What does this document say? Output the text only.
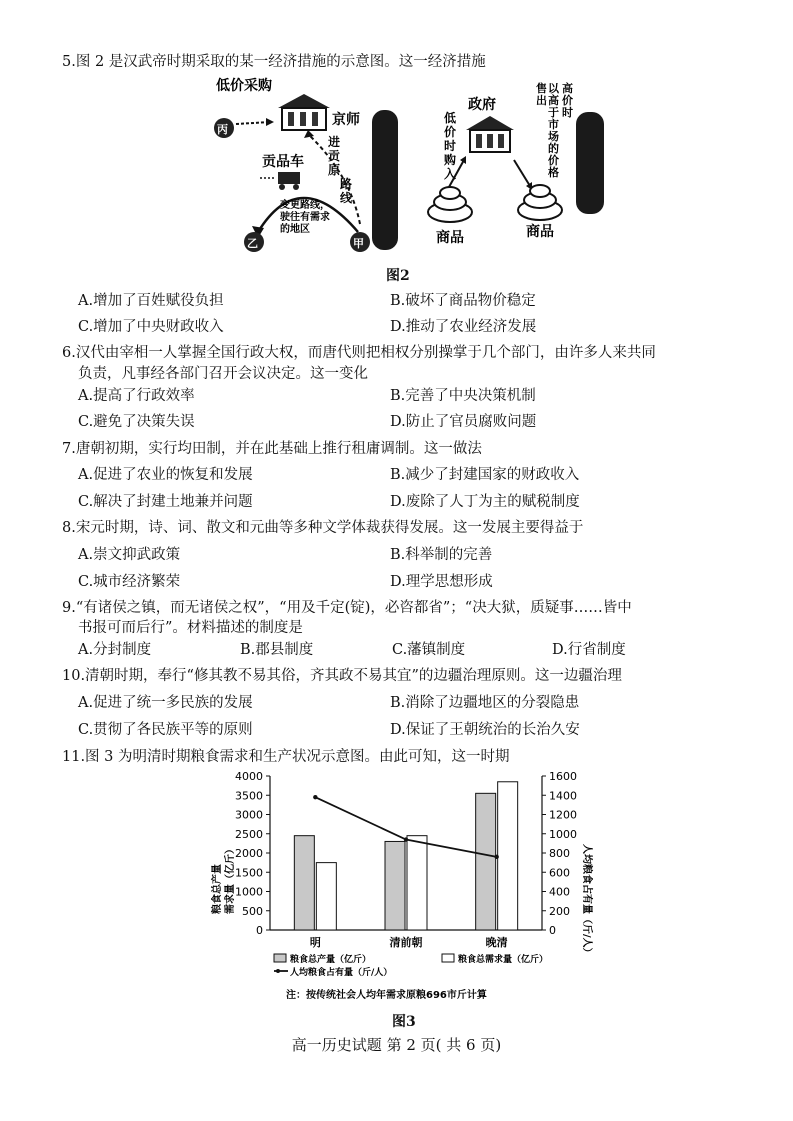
5.图 2 是汉武帝时期采取的某一经济措施的示意图。这一经济措施
低价采购
丙
京师
进贡原路线
贡品车
变更路线， 驶往有需求 的地区
乙	甲
政府
低价时购入
售出 以高于市场的价格 高价时
商品	商品
图2
A.增加了百姓赋役负担	B.破坏了商品物价稳定
C.增加了中央财政收入	D.推动了农业经济发展
6.汉代由宰相一人掌握全国行政大权，而唐代则把相权分别操掌于几个部门，由许多人来共同
负责，凡事经各部门召开会议决定。这一变化
A.提高了行政效率	B.完善了中央决策机制
C.避免了决策失误	D.防止了官员腐败问题
7.唐朝初期，实行均田制，并在此基础上推行租庸调制。这一做法
A.促进了农业的恢复和发展	B.减少了封建国家的财政收入
C.解决了封建土地兼并问题	D.废除了人丁为主的赋税制度
8.宋元时期，诗、词、散文和元曲等多种文学体裁获得发展。这一发展主要得益于
A.崇文抑武政策	B.科举制的完善
C.城市经济繁荣	D.理学思想形成
9.“有诸侯之镇，而无诸侯之权”，“用及千定(锭)，必咨都省”；“决大狱，质疑事……皆中
书报可而后行”。材料描述的制度是
A.分封制度	B.郡县制度	C.藩镇制度	D.行省制度
10.清朝时期，奉行“修其教不易其俗，齐其政不易其宜”的边疆治理原则。这一边疆治理
A.促进了统一多民族的发展	B.消除了边疆地区的分裂隐患
C.贯彻了各民族平等的原则	D.保证了王朝统治的长治久安
11.图 3 为明清时期粮食需求和生产状况示意图。由此可知，这一时期
0
500
1000
1500
2000
2500
3000
3500
4000
0
200
400
600
800
1000
1200
1400
1600
明	清前朝	晚清
粮食总产量 需求量（亿斤）	人均粮食占有量（斤/人）
粮食总产量（亿斤）	粮食总需求量（亿斤）
人均粮食占有量（斤/人）
注：按传统社会人均年需求原粮696市斤计算
图3
高一历史试题 第 2 页( 共 6 页)
